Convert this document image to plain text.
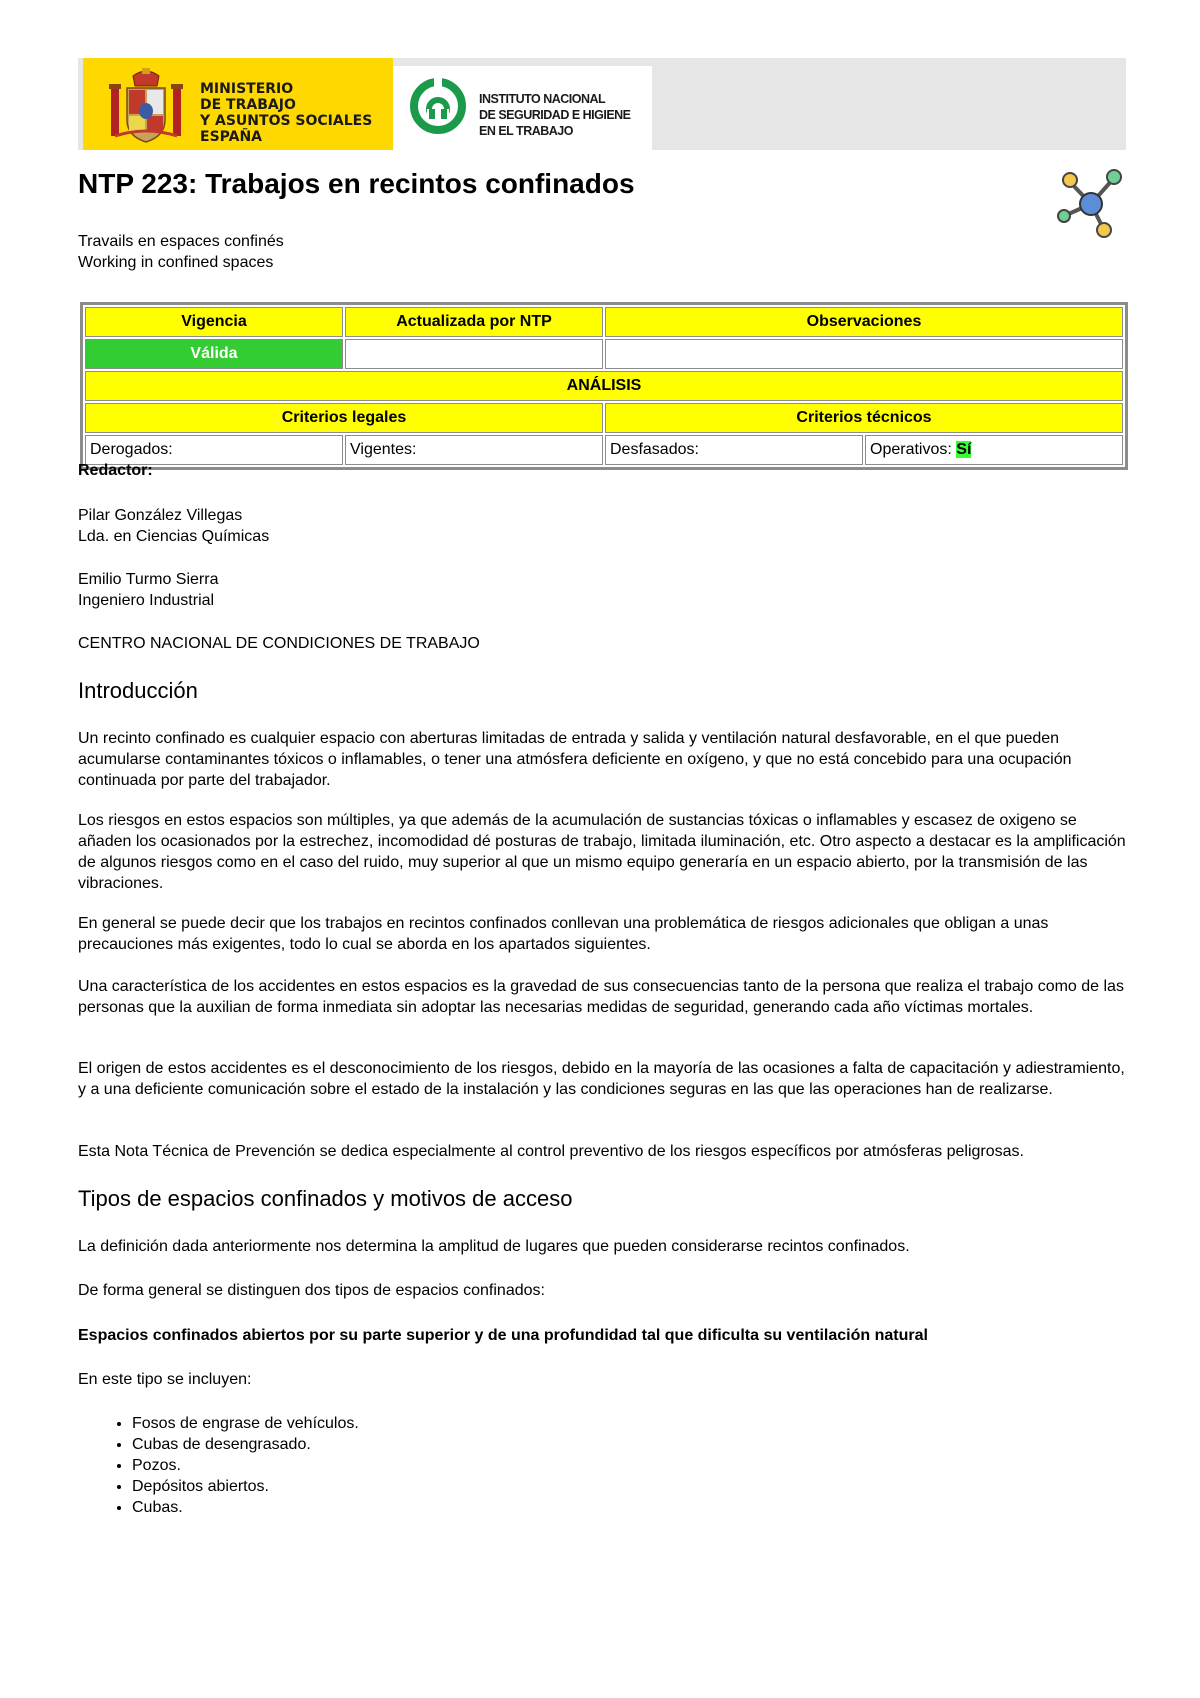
MINISTERIO
DE TRABAJO
Y ASUNTOS SOCIALES
ESPAÑA
INSTITUTO NACIONAL
DE SEGURIDAD E HIGIENE
EN EL TRABAJO
NTP 223: Trabajos en recintos confinados
Travails en espaces confinés
Working in confined spaces
Vigencia	Actualizada por NTP	Observaciones	
Válida			
ANÁLISIS			
Criterios legales		Criterios técnicos	
Derogados:	Vigentes:	Desfasados:	Operativos: Sí
Redactor:
Pilar González Villegas
Lda. en Ciencias Químicas
Emilio Turmo Sierra
Ingeniero Industrial
CENTRO NACIONAL DE CONDICIONES DE TRABAJO
Introducción

Un recinto confinado es cualquier espacio con aberturas limitadas de entrada y salida y ventilación natural desfavorable, en el que pueden acumularse contaminantes tóxicos o inflamables, o tener una atmósfera deficiente en oxígeno, y que no está concebido para una ocupación continuada por parte del trabajador.

Los riesgos en estos espacios son múltiples, ya que además de la acumulación de sustancias tóxicas o inflamables y escasez de oxigeno se añaden los ocasionados por la estrechez, incomodidad dé posturas de trabajo, limitada iluminación, etc. Otro aspecto a destacar es la amplificación de algunos riesgos como en el caso del ruido, muy superior al que un mismo equipo generaría en un espacio abierto, por la transmisión de las vibraciones.

En general se puede decir que los trabajos en recintos confinados conllevan una problemática de riesgos adicionales que obligan a unas precauciones más exigentes, todo lo cual se aborda en los apartados siguientes.

Una característica de los accidentes en estos espacios es la gravedad de sus consecuencias tanto de la persona que realiza el trabajo como de las personas que la auxilian de forma inmediata sin adoptar las necesarias medidas de seguridad, generando cada año víctimas mortales.

El origen de estos accidentes es el desconocimiento de los riesgos, debido en la mayoría de las ocasiones a falta de capacitación y adiestramiento, y a una deficiente comunicación sobre el estado de la instalación y las condiciones seguras en las que las operaciones han de realizarse.

Esta Nota Técnica de Prevención se dedica especialmente al control preventivo de los riesgos específicos por atmósferas peligrosas.

Tipos de espacios confinados y motivos de acceso

La definición dada anteriormente nos determina la amplitud de lugares que pueden considerarse recintos confinados.

De forma general se distinguen dos tipos de espacios confinados:

Espacios confinados abiertos por su parte superior y de una profundidad tal que dificulta su ventilación natural

En este tipo se incluyen:

• Fosos de engrase de vehículos.
• Cubas de desengrasado.
• Pozos.
• Depósitos abiertos.
• Cubas.
